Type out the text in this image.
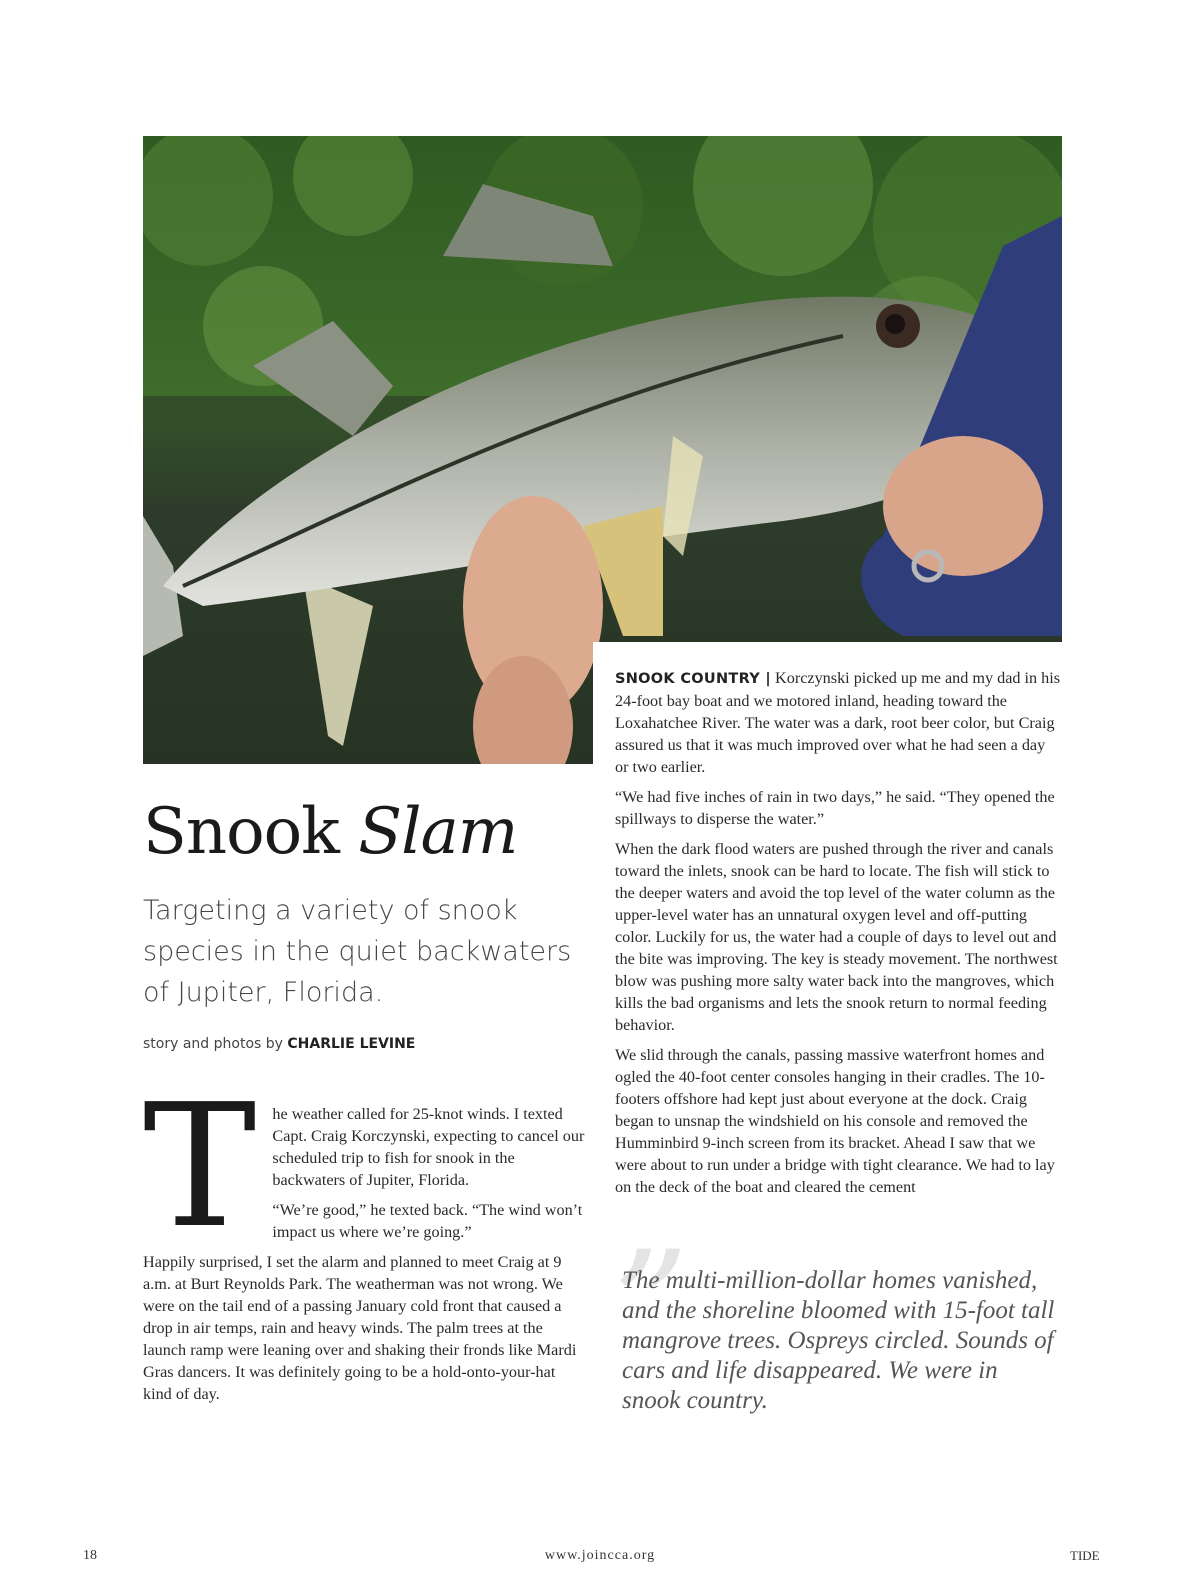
Snook Slam

Targeting a variety of snook species in the quiet backwaters of Jupiter, Florida.

story and photos by CHARLIE LEVINE

The weather called for 25-knot winds. I texted Capt. Craig Korczynski, expecting to cancel our scheduled trip to fish for snook in the backwaters of Jupiter, Florida.

“We’re good,” he texted back. “The wind won’t impact us where we’re going.”

Happily surprised, I set the alarm and planned to meet Craig at 9 a.m. at Burt Reynolds Park. The weatherman was not wrong. We were on the tail end of a passing January cold front that caused a drop in air temps, rain and heavy winds. The palm trees at the launch ramp were leaning over and shaking their fronds like Mardi Gras dancers. It was definitely going to be a hold-onto-your-hat kind of day.

SNOOK COUNTRY | Korczynski picked up me and my dad in his 24-foot bay boat and we motored inland, heading toward the Loxahatchee River. The water was a dark, root beer color, but Craig assured us that it was much improved over what he had seen a day or two earlier.

“We had five inches of rain in two days,” he said. “They opened the spillways to disperse the water.”

When the dark flood waters are pushed through the river and canals toward the inlets, snook can be hard to locate. The fish will stick to the deeper waters and avoid the top level of the water column as the upper-level water has an unnatural oxygen level and off-putting color. Luckily for us, the water had a couple of days to level out and the bite was improving. The key is steady movement. The northwest blow was pushing more salty water back into the mangroves, which kills the bad organisms and lets the snook return to normal feeding behavior.

We slid through the canals, passing massive waterfront homes and ogled the 40-foot center consoles hanging in their cradles. The 10-footers offshore had kept just about everyone at the dock. Craig began to unsnap the windshield on his console and removed the Humminbird 9-inch screen from its bracket. Ahead I saw that we were about to run under a bridge with tight clearance. We had to lay on the deck of the boat and cleared the cement

”

The multi-million-dollar homes vanished, and the shoreline bloomed with 15-foot tall mangrove trees. Ospreys circled. Sounds of cars and life disappeared. We were in snook country.

18	www.joincca.org	TIDE
